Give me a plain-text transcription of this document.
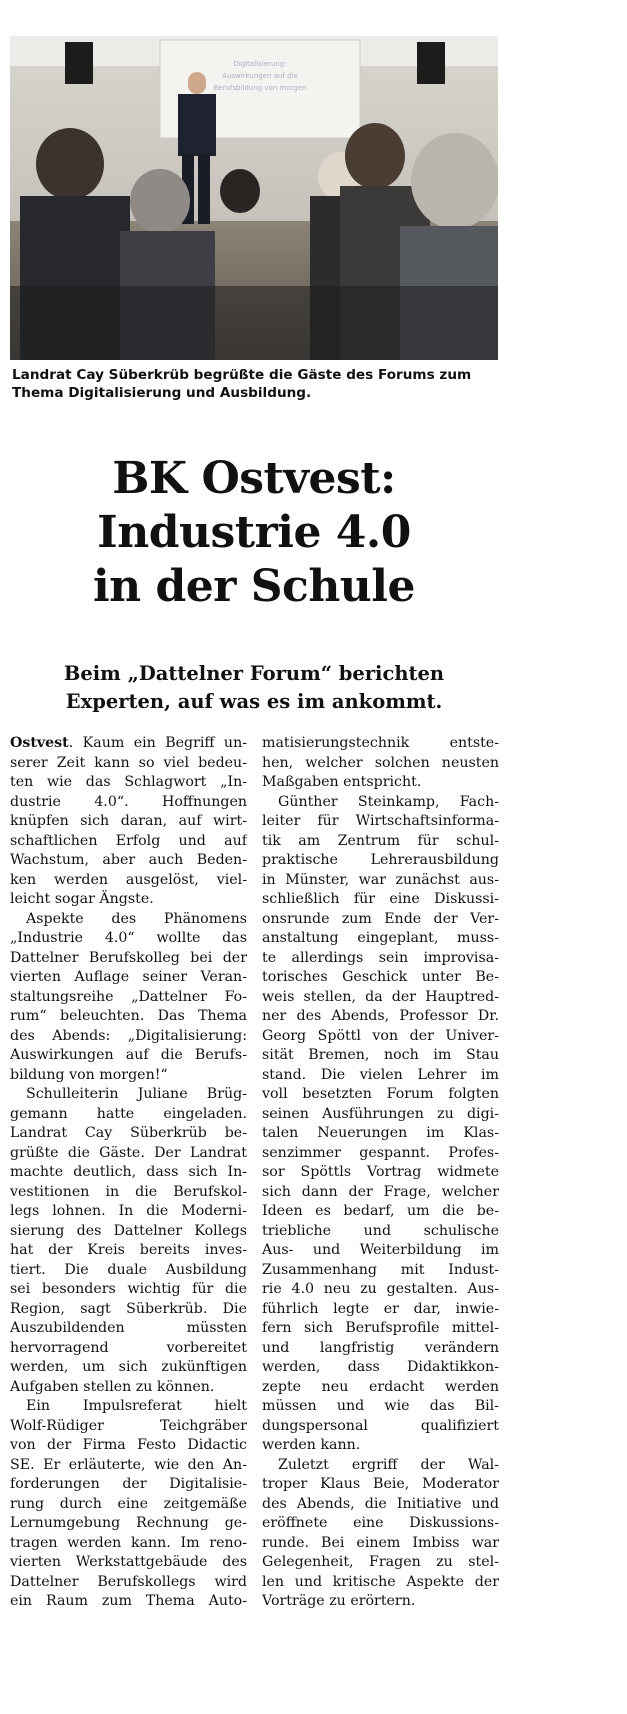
Digitalisierung:
Auswirkungen auf die
Berufsbildung von morgen
Landrat Cay Süberkrüb begrüßte die Gäste des Forums zum
Thema Digitalisierung und Ausbildung.
BK Ostvest:
Industrie 4.0
in der Schule
Beim „Dattelner Forum“ berichten
Experten, auf was es im ankommt.
Ostvest. Kaum ein Begriff un-
serer Zeit kann so viel bedeu-
ten wie das Schlagwort „In-
dustrie 4.0“. Hoffnungen
knüpfen sich daran, auf wirt-
schaftlichen Erfolg und auf
Wachstum, aber auch Beden-
ken werden ausgelöst, viel-
leicht sogar Ängste.
Aspekte des Phänomens
„Industrie 4.0“ wollte das
Dattelner Berufskolleg bei der
vierten Auflage seiner Veran-
staltungsreihe „Dattelner Fo-
rum“ beleuchten. Das Thema
des Abends: „Digitalisierung:
Auswirkungen auf die Berufs-
bildung von morgen!“
Schulleiterin Juliane Brüg-
gemann hatte eingeladen.
Landrat Cay Süberkrüb be-
grüßte die Gäste. Der Landrat
machte deutlich, dass sich In-
vestitionen in die Berufskol-
legs lohnen. In die Moderni-
sierung des Dattelner Kollegs
hat der Kreis bereits inves-
tiert. Die duale Ausbildung
sei besonders wichtig für die
Region, sagt Süberkrüb. Die
Auszubildenden müssten
hervorragend vorbereitet
werden, um sich zukünftigen
Aufgaben stellen zu können.
Ein Impulsreferat hielt
Wolf-Rüdiger Teichgräber
von der Firma Festo Didactic
SE. Er erläuterte, wie den An-
forderungen der Digitalisie-
rung durch eine zeitgemäße
Lernumgebung Rechnung ge-
tragen werden kann. Im reno-
vierten Werkstattgebäude des
Dattelner Berufskollegs wird
ein Raum zum Thema Auto-
matisierungstechnik entste-
hen, welcher solchen neusten
Maßgaben entspricht.
Günther Steinkamp, Fach-
leiter für Wirtschaftsinforma-
tik am Zentrum für schul-
praktische Lehrerausbildung
in Münster, war zunächst aus-
schließlich für eine Diskussi-
onsrunde zum Ende der Ver-
anstaltung eingeplant, muss-
te allerdings sein improvisa-
torisches Geschick unter Be-
weis stellen, da der Hauptred-
ner des Abends, Professor Dr.
Georg Spöttl von der Univer-
sität Bremen, noch im Stau
stand. Die vielen Lehrer im
voll besetzten Forum folgten
seinen Ausführungen zu digi-
talen Neuerungen im Klas-
senzimmer gespannt. Profes-
sor Spöttls Vortrag widmete
sich dann der Frage, welcher
Ideen es bedarf, um die be-
triebliche und schulische
Aus- und Weiterbildung im
Zusammenhang mit Indust-
rie 4.0 neu zu gestalten. Aus-
führlich legte er dar, inwie-
fern sich Berufsprofile mittel-
und langfristig verändern
werden, dass Didaktikkon-
zepte neu erdacht werden
müssen und wie das Bil-
dungspersonal qualifiziert
werden kann.
Zuletzt ergriff der Wal-
troper Klaus Beie, Moderator
des Abends, die Initiative und
eröffnete eine Diskussions-
runde. Bei einem Imbiss war
Gelegenheit, Fragen zu stel-
len und kritische Aspekte der
Vorträge zu erörtern.
